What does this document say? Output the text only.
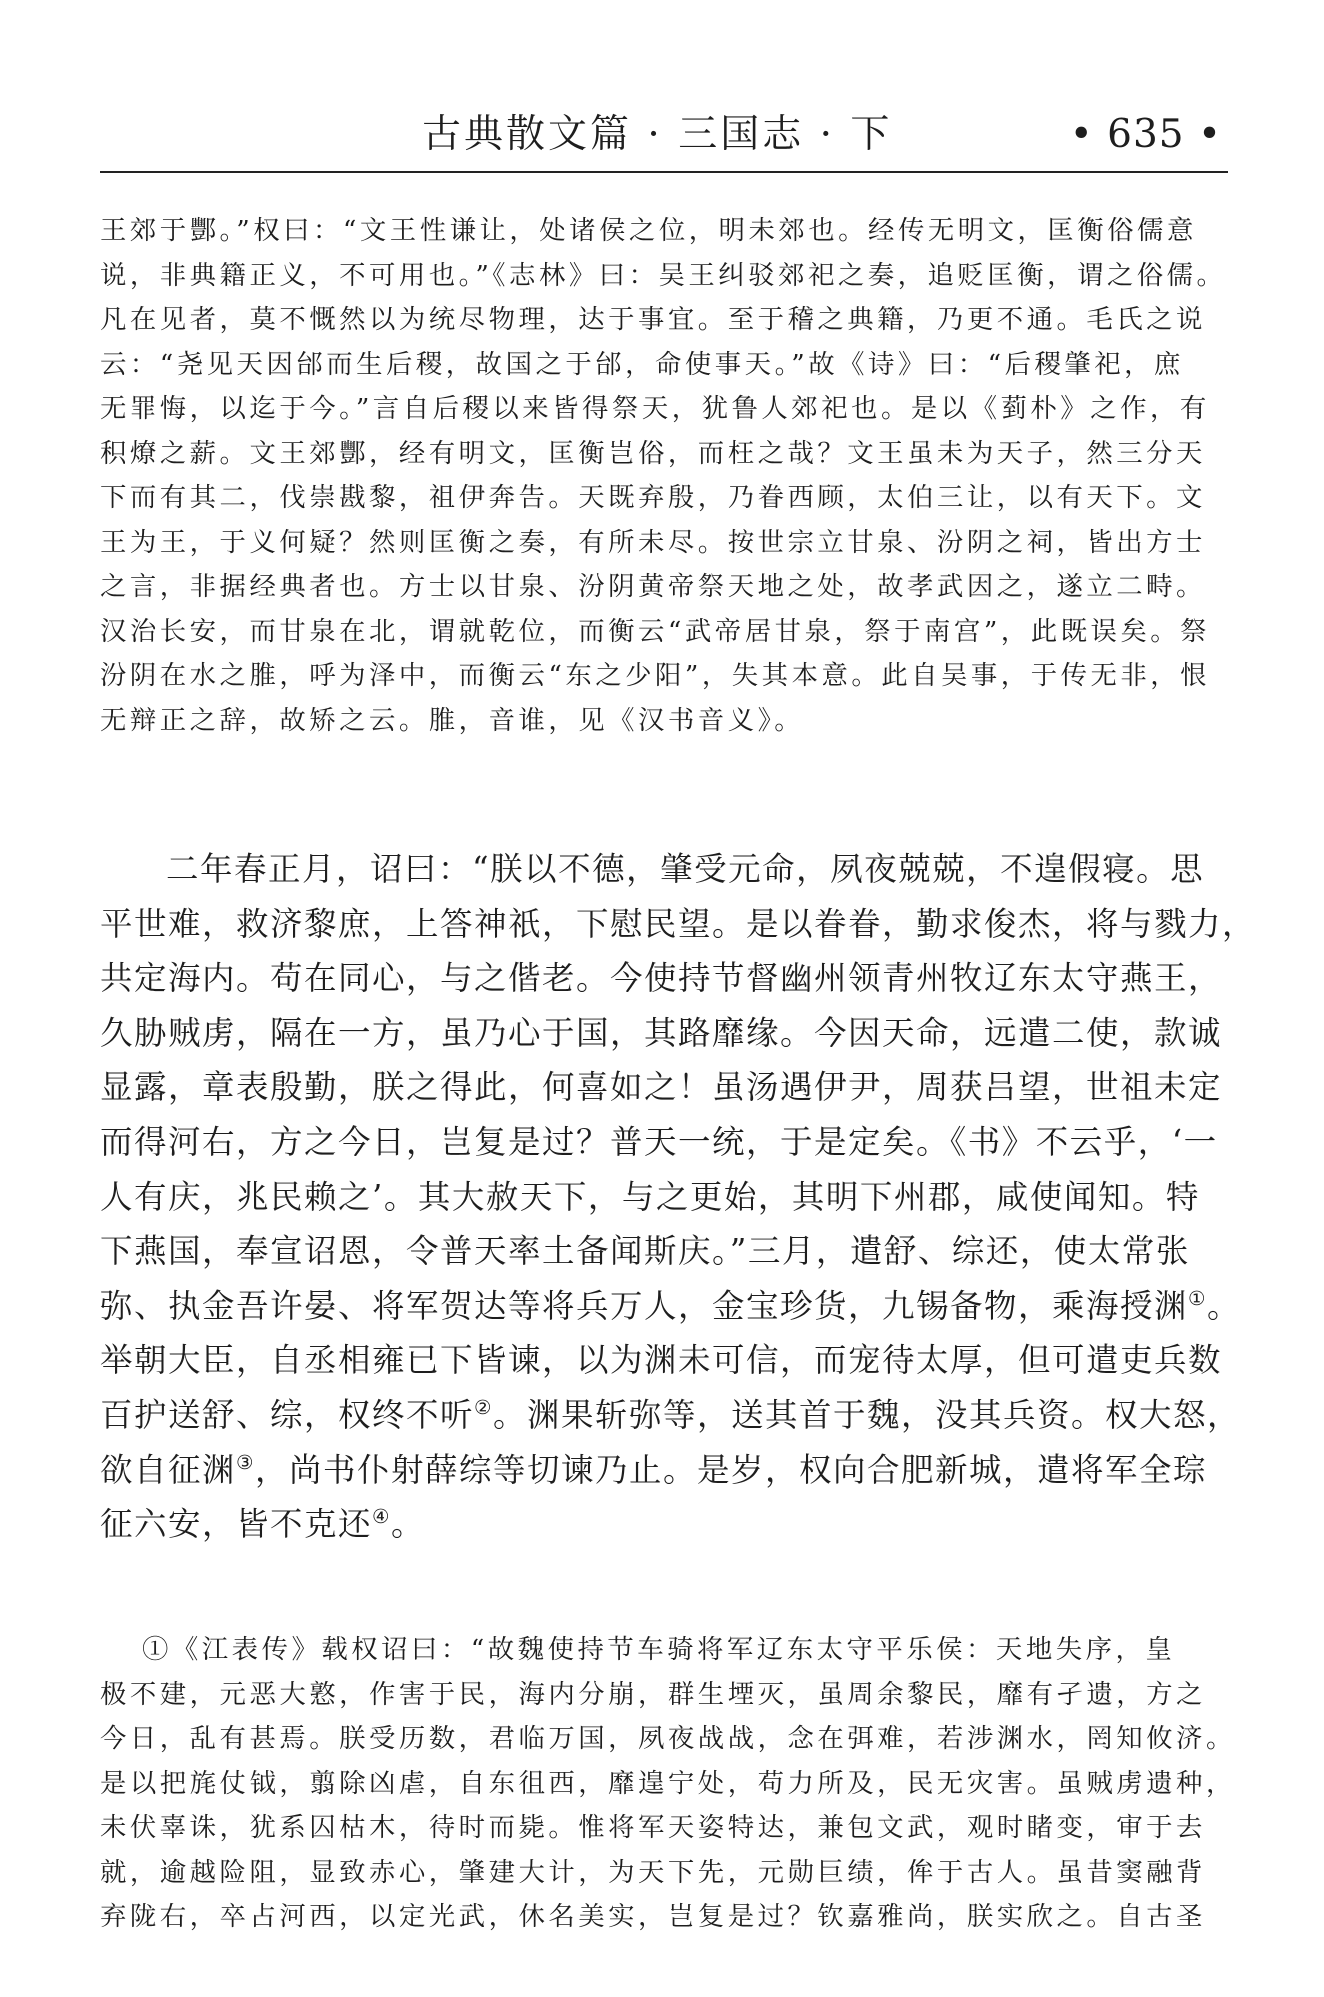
古典散文篇 · 三国志 · 下	• 635 •
王郊于酆。”权曰：“文王性谦让，处诸侯之位，明未郊也。经传无明文，匡衡俗儒意
说，非典籍正义，不可用也。”《志林》曰：吴王纠驳郊祀之奏，追贬匡衡，谓之俗儒。
凡在见者，莫不慨然以为统尽物理，达于事宜。至于稽之典籍，乃更不通。毛氏之说
云：“尧见天因邰而生后稷，故国之于邰，命使事天。”故《诗》曰：“后稷肇祀，庶
无罪悔，以迄于今。”言自后稷以来皆得祭天，犹鲁人郊祀也。是以《菿朴》之作，有
积燎之薪。文王郊酆，经有明文，匡衡岂俗，而枉之哉？文王虽未为天子，然三分天
下而有其二，伐崇戡黎，祖伊奔告。天既弃殷，乃眷西顾，太伯三让，以有天下。文
王为王，于义何疑？然则匡衡之奏，有所未尽。按世宗立甘泉、汾阴之祠，皆出方士
之言，非据经典者也。方士以甘泉、汾阴黄帝祭天地之处，故孝武因之，遂立二畤。
汉治长安，而甘泉在北，谓就乾位，而衡云“武帝居甘泉，祭于南宫”，此既误矣。祭
汾阴在水之脽，呼为泽中，而衡云“东之少阳”，失其本意。此自吴事，于传无非，恨
无辩正之辞，故矫之云。脽，音谁，见《汉书音义》。
二年春正月，诏曰：“朕以不德，肇受元命，夙夜兢兢，不遑假寝。思
平世难，救济黎庶，上答神祇，下慰民望。是以眷眷，勤求俊杰，将与戮力，
共定海内。苟在同心，与之偕老。今使持节督幽州领青州牧辽东太守燕王，
久胁贼虏，隔在一方，虽乃心于国，其路靡缘。今因天命，远遣二使，款诚
显露，章表殷勤，朕之得此，何喜如之！虽汤遇伊尹，周获吕望，世祖未定
而得河右，方之今日，岂复是过？普天一统，于是定矣。《书》不云乎，‘一
人有庆，兆民赖之’。其大赦天下，与之更始，其明下州郡，咸使闻知。特
下燕国，奉宣诏恩，令普天率土备闻斯庆。”三月，遣舒、综还，使太常张
弥、执金吾许晏、将军贺达等将兵万人，金宝珍货，九锡备物，乘海授渊①。
举朝大臣，自丞相雍已下皆谏，以为渊未可信，而宠待太厚，但可遣吏兵数
百护送舒、综，权终不听②。渊果斩弥等，送其首于魏，没其兵资。权大怒，
欲自征渊③，尚书仆射薛综等切谏乃止。是岁，权向合肥新城，遣将军全琮
征六安，皆不克还④。
①《江表传》载权诏曰：“故魏使持节车骑将军辽东太守平乐侯：天地失序，皇
极不建，元恶大憝，作害于民，海内分崩，群生堙灭，虽周余黎民，靡有孑遗，方之
今日，乱有甚焉。朕受历数，君临万国，夙夜战战，念在弭难，若涉渊水，罔知攸济。
是以把旄仗钺，翦除凶虐，自东徂西，靡遑宁处，苟力所及，民无灾害。虽贼虏遗种，
未伏辜诛，犹系囚枯木，待时而毙。惟将军天姿特达，兼包文武，观时睹变，审于去
就，逾越险阻，显致赤心，肇建大计，为天下先，元勋巨绩，侔于古人。虽昔窦融背
弃陇右，卒占河西，以定光武，休名美实，岂复是过？钦嘉雅尚，朕实欣之。自古圣
